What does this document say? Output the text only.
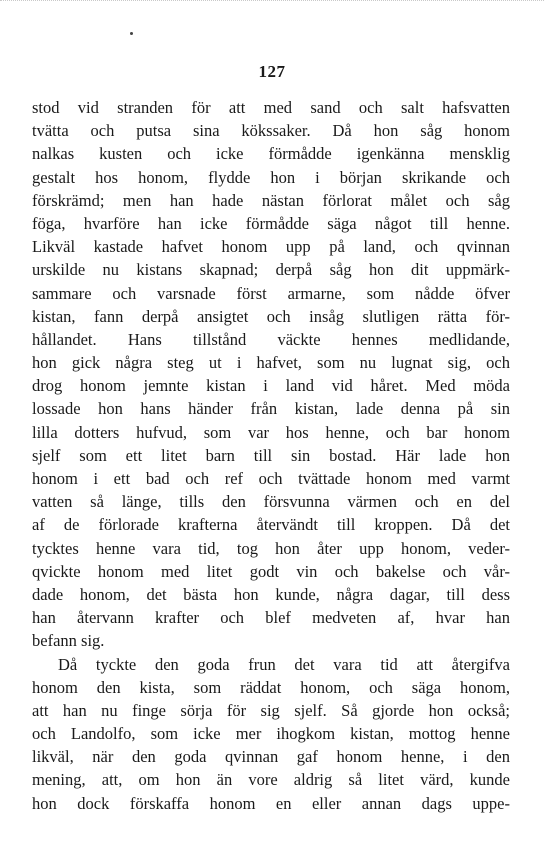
127
stod vid stranden för att med sand och salt hafsvatten
tvätta och putsa sina kökssaker. Då hon såg honom
nalkas kusten och icke förmådde igenkänna mensklig
gestalt hos honom, flydde hon i början skrikande och
förskrämd; men han hade nästan förlorat målet och såg
föga, hvarföre han icke förmådde säga något till henne.
Likväl kastade hafvet honom upp på land, och qvinnan
urskilde nu kistans skapnad; derpå såg hon dit uppmärk-
sammare och varsnade först armarne, som nådde öfver
kistan, fann derpå ansigtet och insåg slutligen rätta för-
hållandet. Hans tillstånd väckte hennes medlidande,
hon gick några steg ut i hafvet, som nu lugnat sig, och
drog honom jemnte kistan i land vid håret. Med möda
lossade hon hans händer från kistan, lade denna på sin
lilla dotters hufvud, som var hos henne, och bar honom
sjelf som ett litet barn till sin bostad. Här lade hon
honom i ett bad och ref och tvättade honom med varmt
vatten så länge, tills den försvunna värmen och en del
af de förlorade krafterna återvändt till kroppen. Då det
tycktes henne vara tid, tog hon åter upp honom, veder-
qvickte honom med litet godt vin och bakelse och vår-
dade honom, det bästa hon kunde, några dagar, till dess
han återvann krafter och blef medveten af, hvar han
befann sig.
Då tyckte den goda frun det vara tid att återgifva
honom den kista, som räddat honom, och säga honom,
att han nu finge sörja för sig sjelf. Så gjorde hon också;
och Landolfo, som icke mer ihogkom kistan, mottog henne
likväl, när den goda qvinnan gaf honom henne, i den
mening, att, om hon än vore aldrig så litet värd, kunde
hon dock förskaffa honom en eller annan dags uppe-
